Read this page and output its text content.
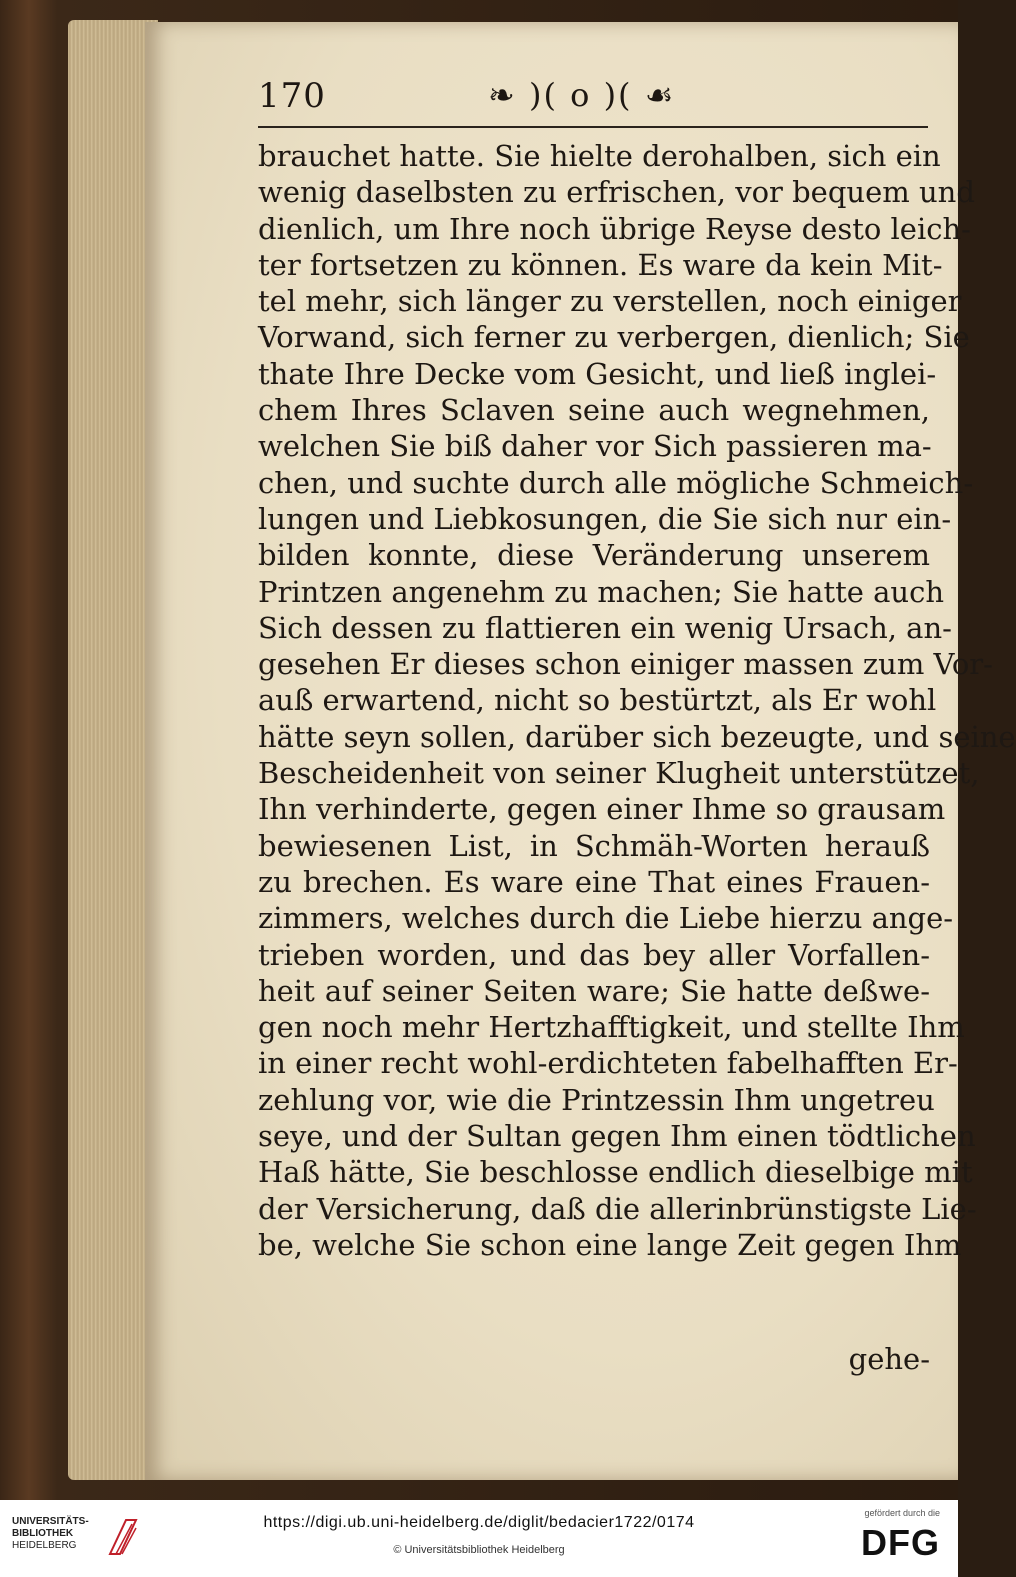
170	❧ )( o )( ☙
brauchet hatte. Sie hielte derohalben, sich ein
wenig daselbsten zu erfrischen, vor bequem und
dienlich, um Ihre noch übrige Reyse desto leich-
ter fortsetzen zu können. Es ware da kein Mit-
tel mehr, sich länger zu verstellen, noch einiger
Vorwand, sich ferner zu verbergen, dienlich; Sie
thate Ihre Decke vom Gesicht, und ließ inglei-
chem Ihres Sclaven seine auch wegnehmen,
welchen Sie biß daher vor Sich passieren ma-
chen, und suchte durch alle mögliche Schmeich-
lungen und Liebkosungen, die Sie sich nur ein-
bilden konnte, diese Veränderung unserem
Printzen angenehm zu machen; Sie hatte auch
Sich dessen zu flattieren ein wenig Ursach, an-
gesehen Er dieses schon einiger massen zum Vor-
auß erwartend, nicht so bestürtzt, als Er wohl
hätte seyn sollen, darüber sich bezeugte, und seine
Bescheidenheit von seiner Klugheit unterstützet,
Ihn verhinderte, gegen einer Ihme so grausam
bewiesenen List, in Schmäh-Worten herauß
zu brechen. Es ware eine That eines Frauen-
zimmers, welches durch die Liebe hierzu ange-
trieben worden, und das bey aller Vorfallen-
heit auf seiner Seiten ware; Sie hatte deßwe-
gen noch mehr Hertzhafftigkeit, und stellte Ihm
in einer recht wohl-erdichteten fabelhafften Er-
zehlung vor, wie die Printzessin Ihm ungetreu
seye, und der Sultan gegen Ihm einen tödtlichen
Haß hätte, Sie beschlosse endlich dieselbige mit
der Versicherung, daß die allerinbrünstigste Lie-
be, welche Sie schon eine lange Zeit gegen Ihm
gehe-
UNIVERSITÄTS-
BIBLIOTHEK
HEIDELBERG
https://digi.ub.uni-heidelberg.de/diglit/bedacier1722/0174
© Universitätsbibliothek Heidelberg
gefördert durch die
DFG
